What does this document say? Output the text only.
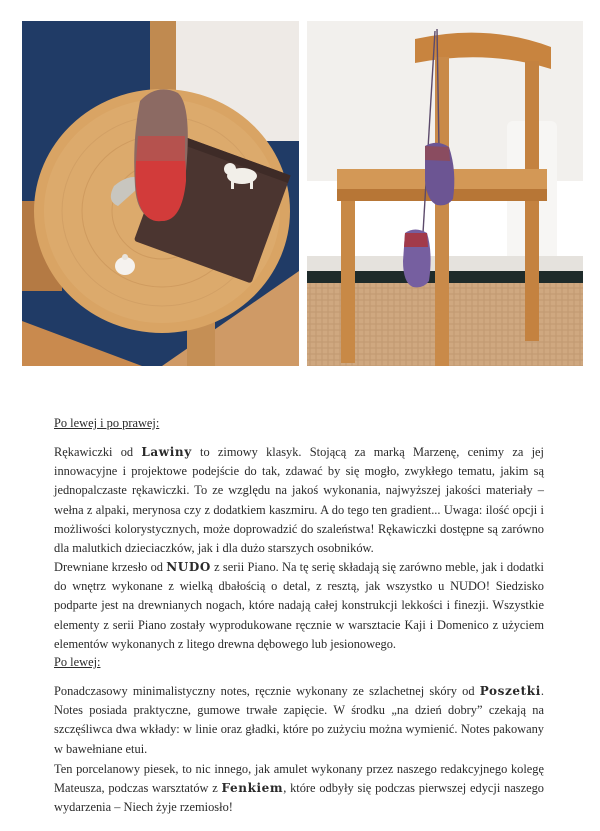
Po lewej i po prawej:

Rękawiczki od Lawiny to zimowy klasyk. Stojącą za marką Marzenę, cenimy za jej innowacyjne i projektowe podejście do tak, zdawać by się mogło, zwykłego tematu, jakim są jednopalczaste rękawiczki. To ze względu na jakoś wykonania, najwyższej jakości materiały – wełna z alpaki, merynosa czy z dodatkiem kaszmiru. A do tego ten gradient... Uwaga: ilość opcji i możliwości kolorystycznych, może doprowadzić do szaleństwa! Rękawiczki dostępne są zarówno dla malutkich dzieciaczków, jak i dla dużo starszych osobników.

Drewniane krzesło od NUDO z serii Piano. Na tę serię składają się zarówno meble, jak i dodatki do wnętrz wykonane z wielką dbałością o detal, z resztą, jak wszystko u NUDO! Siedzisko podparte jest na drewnianych nogach, które nadają całej konstrukcji lekkości i finezji. Wszystkie elementy z serii Piano zostały wyprodukowane ręcznie w warsztacie Kaji i Domenico z użyciem elementów wykonanych z litego drewna dębowego lub jesionowego.

Po lewej:

Ponadczasowy minimalistyczny notes, ręcznie wykonany ze szlachetnej skóry od Poszetki. Notes posiada praktyczne, gumowe trwałe zapięcie. W środku „na dzień dobry” czekają na szczęśliwca dwa wkłady: w linie oraz gładki, które po zużyciu można wymienić. Notes pakowany w bawełniane etui.

Ten porcelanowy piesek, to nic innego, jak amulet wykonany przez naszego redakcyjnego kolegę Mateusza, podczas warsztatów z Fenkiem, które odbyły się podczas pierwszej edycji naszego wydarzenia – Niech żyje rzemiosło!
